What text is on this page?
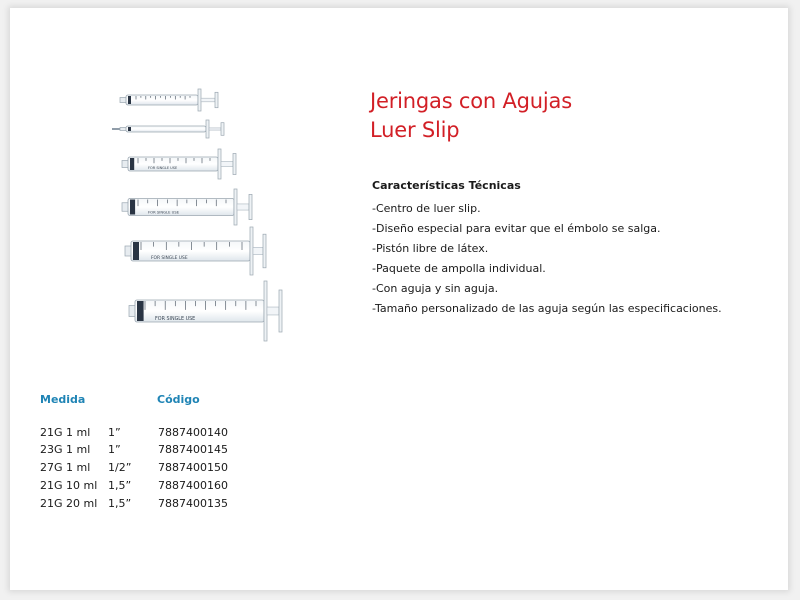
FOR SINGLE USE
FOR SINGLE USE
FOR SINGLE USE
FOR SINGLE USE
Jeringas con Agujas
Luer Slip
Características Técnicas
-Centro de luer slip.
-Diseño especial para evitar que el émbolo se salga.
-Pistón libre de látex.
-Paquete de ampolla individual.
-Con aguja y sin aguja.
-Tamaño personalizado de las aguja según las especificaciones.
Medida	Código
21G 1 ml 1”	7887400140
23G 1 ml 1”	7887400145
27G 1 ml 1/2” 7887400150
21G 10 ml 1,5” 7887400160
21G 20 ml 1,5” 7887400135
